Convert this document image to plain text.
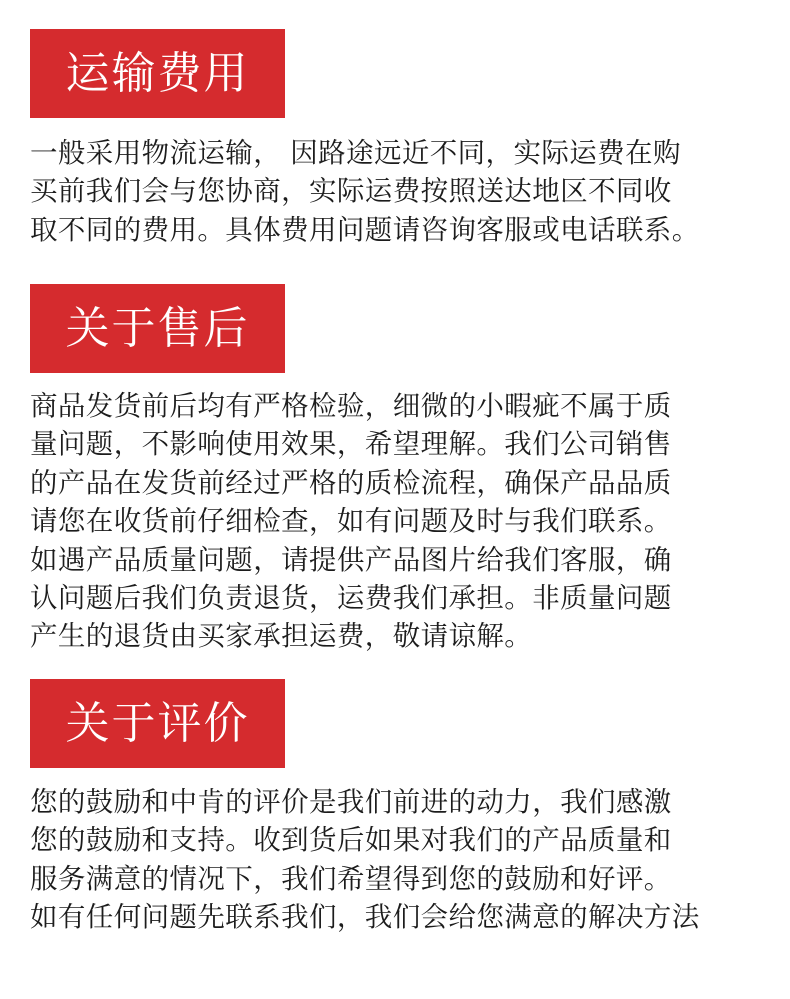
运输费用
一般采用物流运输， 因路途远近不同，实际运费在购
买前我们会与您协商，实际运费按照送达地区不同收
取不同的费用。具体费用问题请咨询客服或电话联系。
关于售后
商品发货前后均有严格检验，细微的小暇疵不属于质
量问题，不影响使用效果，希望理解。我们公司销售
的产品在发货前经过严格的质检流程，确保产品品质
请您在收货前仔细检查，如有问题及时与我们联系。
如遇产品质量问题，请提供产品图片给我们客服，确
认问题后我们负责退货，运费我们承担。非质量问题
产生的退货由买家承担运费，敬请谅解。
关于评价
您的鼓励和中肯的评价是我们前进的动力，我们感激
您的鼓励和支持。收到货后如果对我们的产品质量和
服务满意的情况下，我们希望得到您的鼓励和好评。
如有任何问题先联系我们，我们会给您满意的解决方法
